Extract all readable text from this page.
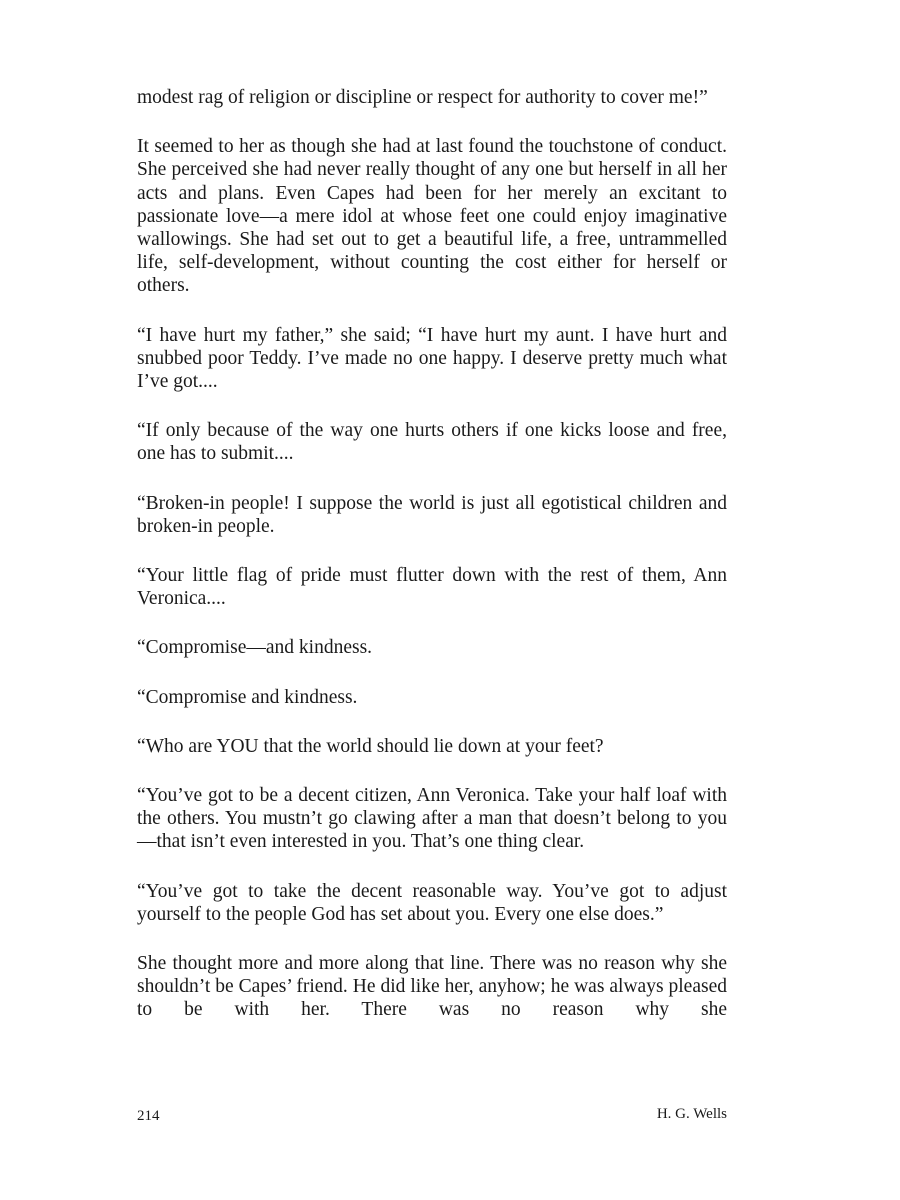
modest rag of religion or discipline or respect for authority to cover me!”

It seemed to her as though she had at last found the touchstone of conduct. She perceived she had never really thought of any one but herself in all her acts and plans. Even Capes had been for her merely an excitant to passionate love—a mere idol at whose feet one could enjoy imaginative wallowings. She had set out to get a beautiful life, a free, untrammelled life, self-development, without counting the cost either for herself or others.

“I have hurt my father,” she said; “I have hurt my aunt. I have hurt and snubbed poor Teddy. I’ve made no one happy. I deserve pretty much what I’ve got....

“If only because of the way one hurts others if one kicks loose and free, one has to submit....

“Broken-in people! I suppose the world is just all egotistical children and broken-in people.

“Your little flag of pride must flutter down with the rest of them, Ann Veronica....

“Compromise—and kindness.

“Compromise and kindness.

“Who are YOU that the world should lie down at your feet?

“You’ve got to be a decent citizen, Ann Veronica. Take your half loaf with the others. You mustn’t go clawing after a man that doesn’t belong to you—that isn’t even interested in you. That’s one thing clear.

“You’ve got to take the decent reasonable way. You’ve got to adjust yourself to the people God has set about you. Every one else does.”

She thought more and more along that line. There was no reason why she shouldn’t be Capes’ friend. He did like her, anyhow; he was always pleased to be with her. There was no reason why she

214	H. G. Wells
